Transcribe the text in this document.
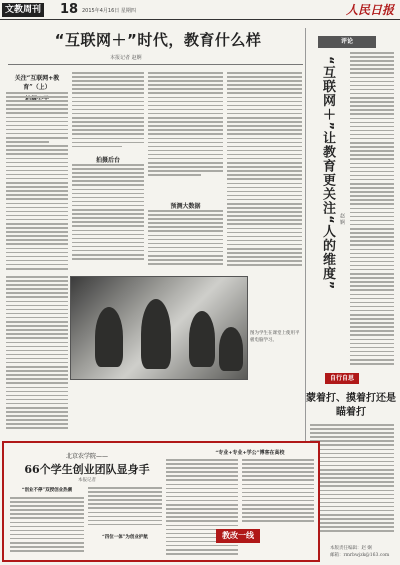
文教周刊 18 2015年4月16日 星期四	人民日报
“互联网＋”时代，教育什么样
本报记者 赵婀
关注“互联网+教育”（上）
拍摄后台
预测大数据
图为学生在课堂上使用平板电脑学习。
评论
“互联网＋”让教育更关注“人的维度” 赵 婀
自行自思
蒙着打、摸着打还是瞄着打
北京农学院——
66个学生创业团队显身手
本报记者
“专业+专业+学公”博客在高校
“创业不停”双授创业热潮
“四位一体”为创业护航	教改一线
本版责任编辑：赵 婀
邮箱：rmrbwjzk@163.com
